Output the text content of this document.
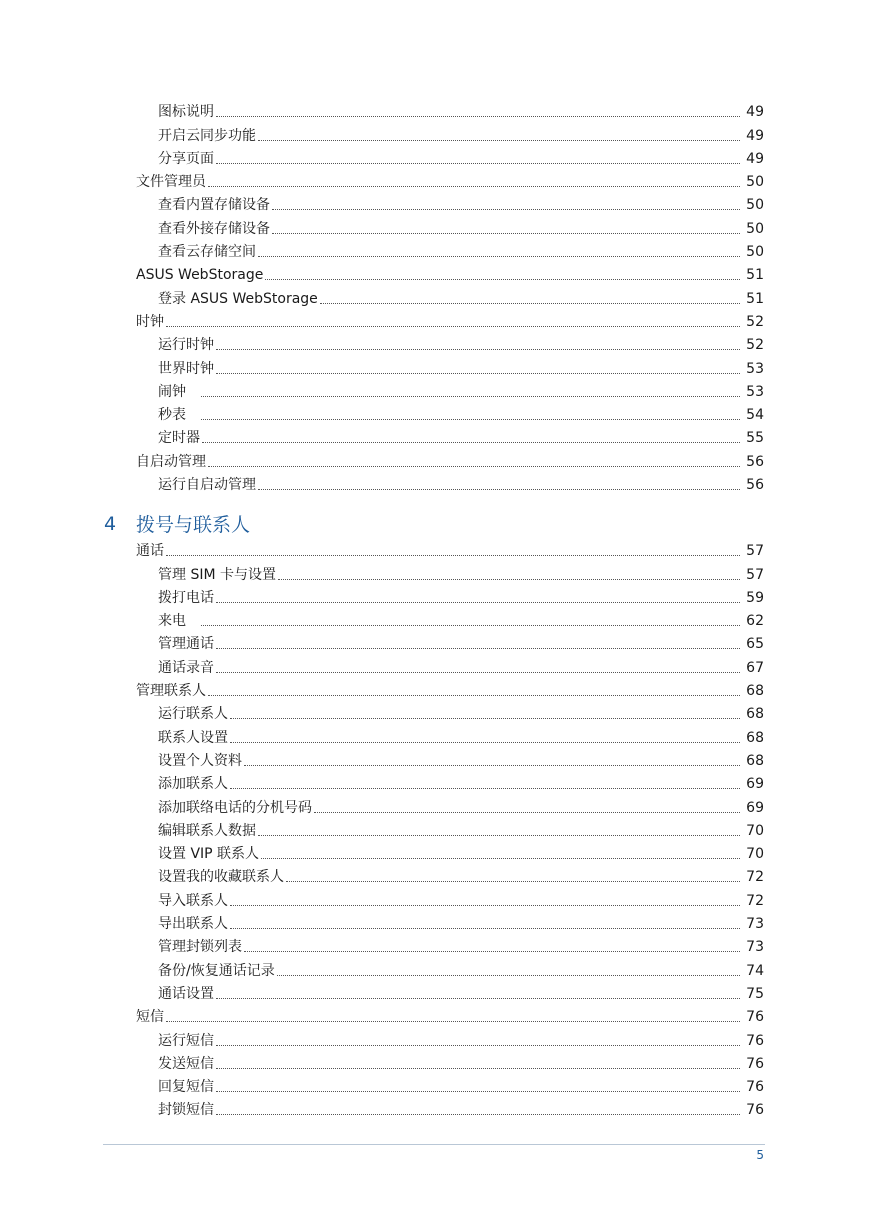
图标说明	49
开启云同步功能	49
分享页面	49
文件管理员	50
查看内置存储设备	50
查看外接存储设备	50
查看云存储空间	50
ASUS WebStorage	51
登录 ASUS WebStorage	51
时钟	52
运行时钟	52
世界时钟	53
闹钟	53
秒表	54
定时器	55
自启动管理	56
运行自启动管理	56
4	拨号与联系人
通话	57
管理 SIM 卡与设置	57
拨打电话	59
来电	62
管理通话	65
通话录音	67
管理联系人	68
运行联系人	68
联系人设置	68
设置个人资料	68
添加联系人	69
添加联络电话的分机号码	69
编辑联系人数据	70
设置 VIP 联系人	70
设置我的收藏联系人	72
导入联系人	72
导出联系人	73
管理封锁列表	73
备份/恢复通话记录	74
通话设置	75
短信	76
运行短信	76
发送短信	76
回复短信	76
封锁短信	76
5
